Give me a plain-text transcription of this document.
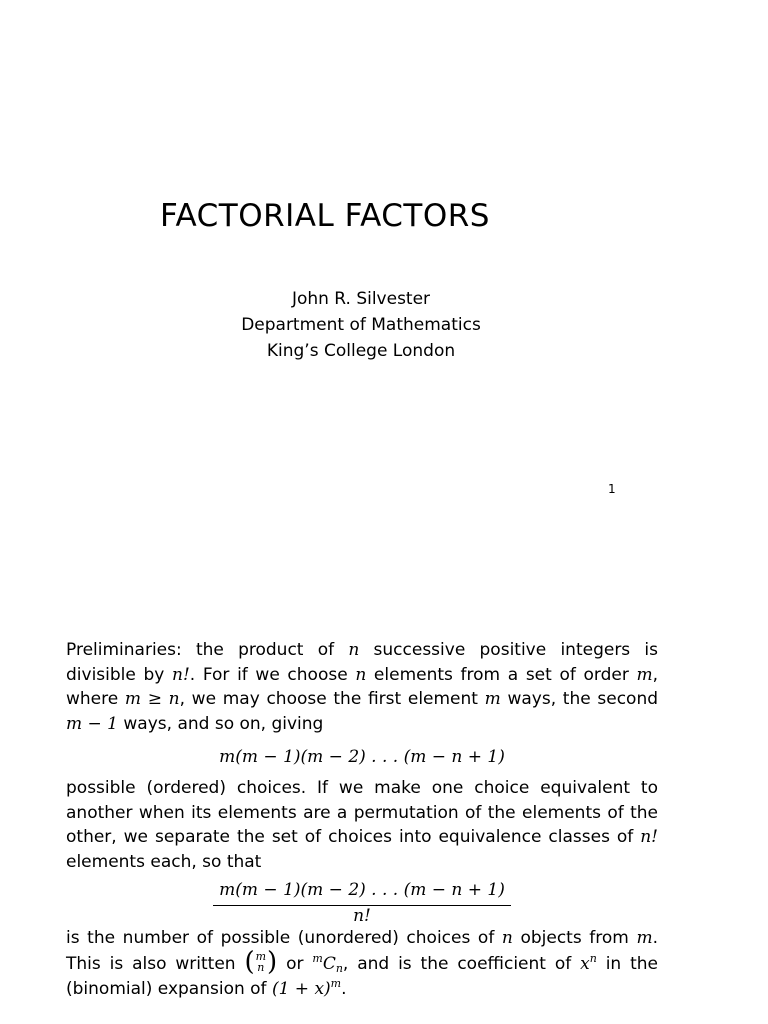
FACTORIAL FACTORS
John R. Silvester
Department of Mathematics
King’s College London
1

Preliminaries: the product of n successive positive integers is divisible by n!. For if we choose n elements from a set of order m, where m ≥ n, we may choose the first element m ways, the second m − 1 ways, and so on, giving

m(m − 1)(m − 2) . . . (m − n + 1)

possible (ordered) choices. If we make one choice equivalent to another when its elements are a permutation of the elements of the other, we separate the set of choices into equivalence classes of n! elements each, so that

m(m − 1)(m − 2) . . . (m − n + 1)
n!

is the number of possible (unordered) choices of n objects from m. This is also written ( m
n ) or $^mC_n$, and is the coefficient of $x^n$ in the (binomial) expansion of $(1 + x)^m$.
